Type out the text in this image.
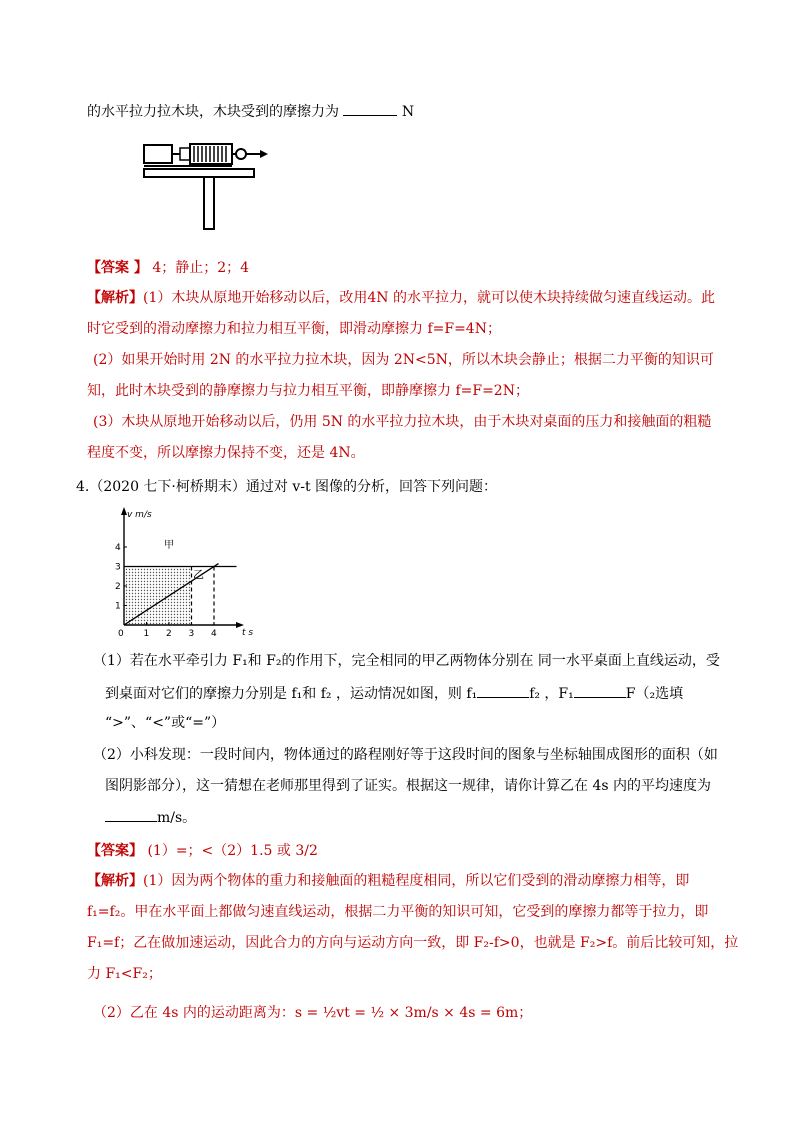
的水平拉力拉木块，木块受到的摩擦力为	N
【答案 】 4；静止；2；4
【解析】(1）木块从原地开始移动以后，改用4N 的水平拉力，就可以使木块持续做匀速直线运动。此
时它受到的滑动摩擦力和拉力相互平衡，即滑动摩擦力 f=F=4N；
(2）如果开始时用 2N 的水平拉力拉木块，因为 2N<5N，所以木块会静止；根据二力平衡的知识可
知，此时木块受到的静摩擦力与拉力相互平衡，即静摩擦力 f=F=2N；
(3）木块从原地开始移动以后，仍用 5N 的水平拉力拉木块，由于木块对桌面的压力和接触面的粗糙
程度不变，所以摩擦力保持不变，还是 4N。
4.（2020 七下·柯桥期末）通过对 v-t 图像的分析，回答下列问题：
0 1 2 3 4
1
2
3
4
v m/s
t s
甲
乙
（1）若在水平牵引力 F₁和 F₂的作用下，完全相同的甲乙两物体分别在 同一水平桌面上直线运动，受
到桌面对它们的摩擦力分别是 f₁和 f₂ ，运动情况如图，则 f₁	f₂ ，F₁	F（₂选填
“>”、“<”或“=”）
（2）小科发现：一段时间内，物体通过的路程刚好等于这段时间的图象与坐标轴围成图形的面积（如
图阴影部分），这一猜想在老师那里得到了证实。根据这一规律，请你计算乙在 4s 内的平均速度为
m/s。
【答案】 (1）=；<（2）1.5 或 3/2
【解析】(1）因为两个物体的重力和接触面的粗糙程度相同，所以它们受到的滑动摩擦力相等，即
f₁=f₂。甲在水平面上都做匀速直线运动，根据二力平衡的知识可知，它受到的摩擦力都等于拉力，即
F₁=f；乙在做加速运动，因此合力的方向与运动方向一致，即 F₂-f>0，也就是 F₂>f。前后比较可知，拉
力 F₁<F₂；
（2）乙在 4s 内的运动距离为：s = ½vt = ½ × 3m/s × 4s = 6m；
